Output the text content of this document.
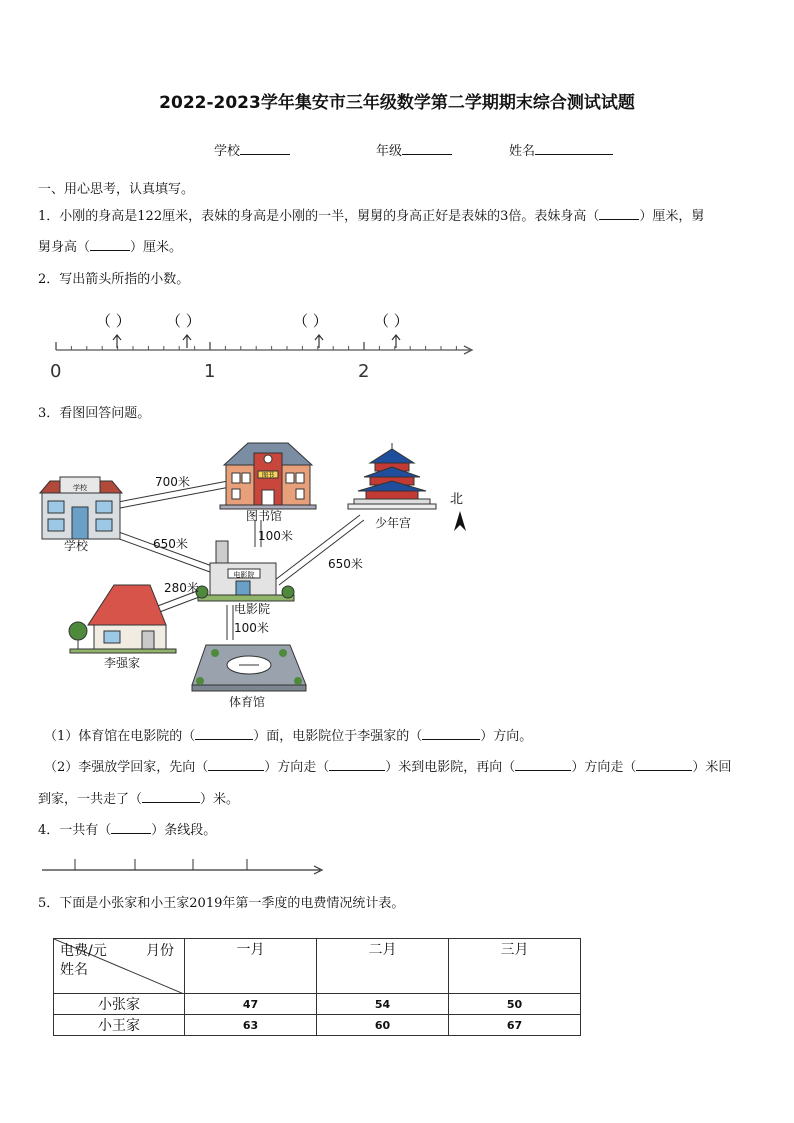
2022-2023学年集安市三年级数学第二学期期末综合测试试题
学校	年级	姓名
一、用心思考，认真填写。
1．小刚的身高是122厘米，表妹的身高是小刚的一半，舅舅的身高正好是表妹的3倍。表妹身高（	）厘米，舅
舅身高（	）厘米。
2．写出箭头所指的小数。
（ ） （ ）	（ ）	（ ）
0	1	2
3．看图回答问题。
图书
学校
北
电影院
图书馆
学校
少年宫
电影院
李强家
体育馆
700米
650米
100米
650米
280米
100米
（1）体育馆在电影院的（	）面，电影院位于李强家的（	）方向。
（2）李强放学回家，先向（	）方向走（	）米到电影院，再向（	）方向走（	）米回
到家，一共走了（	）米。
4．一共有（	）条线段。
5．下面是小张家和小王家2019年第一季度的电费情况统计表。
电费/元 月份
姓名	一月	二月	三月
小张家	47	54	50
小王家	63	60	67
